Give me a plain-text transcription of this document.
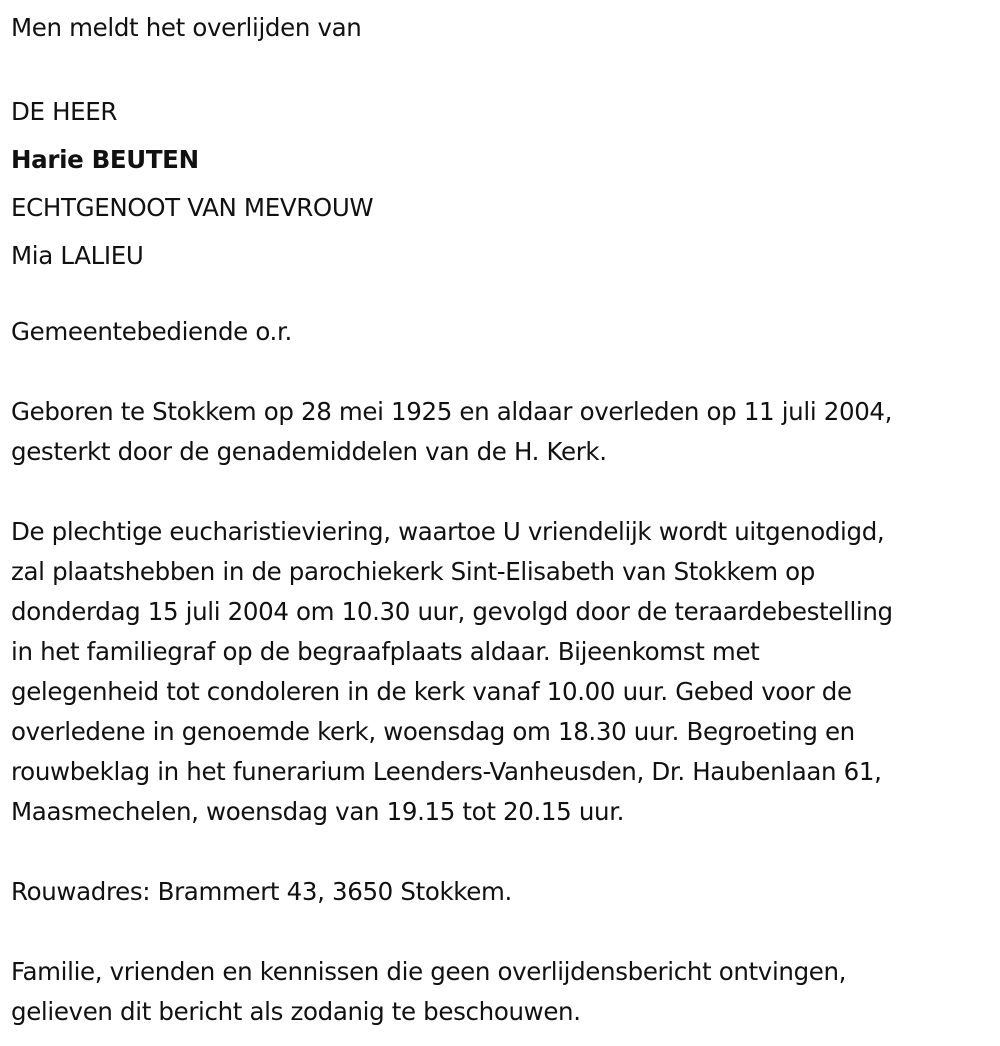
Men meldt het overlijden van
DE HEER
Harie BEUTEN
ECHTGENOOT VAN MEVROUW
Mia LALIEU
Gemeentebediende o.r.
Geboren te Stokkem op 28 mei 1925 en aldaar overleden op 11 juli 2004,
gesterkt door de genademiddelen van de H. Kerk.
De plechtige eucharistieviering, waartoe U vriendelijk wordt uitgenodigd,
zal plaatshebben in de parochiekerk Sint-Elisabeth van Stokkem op
donderdag 15 juli 2004 om 10.30 uur, gevolgd door de teraardebestelling
in het familiegraf op de begraafplaats aldaar. Bijeenkomst met
gelegenheid tot condoleren in de kerk vanaf 10.00 uur. Gebed voor de
overledene in genoemde kerk, woensdag om 18.30 uur. Begroeting en
rouwbeklag in het funerarium Leenders-Vanheusden, Dr. Haubenlaan 61,
Maasmechelen, woensdag van 19.15 tot 20.15 uur.
Rouwadres: Brammert 43, 3650 Stokkem.
Familie, vrienden en kennissen die geen overlijdensbericht ontvingen,
gelieven dit bericht als zodanig te beschouwen.
